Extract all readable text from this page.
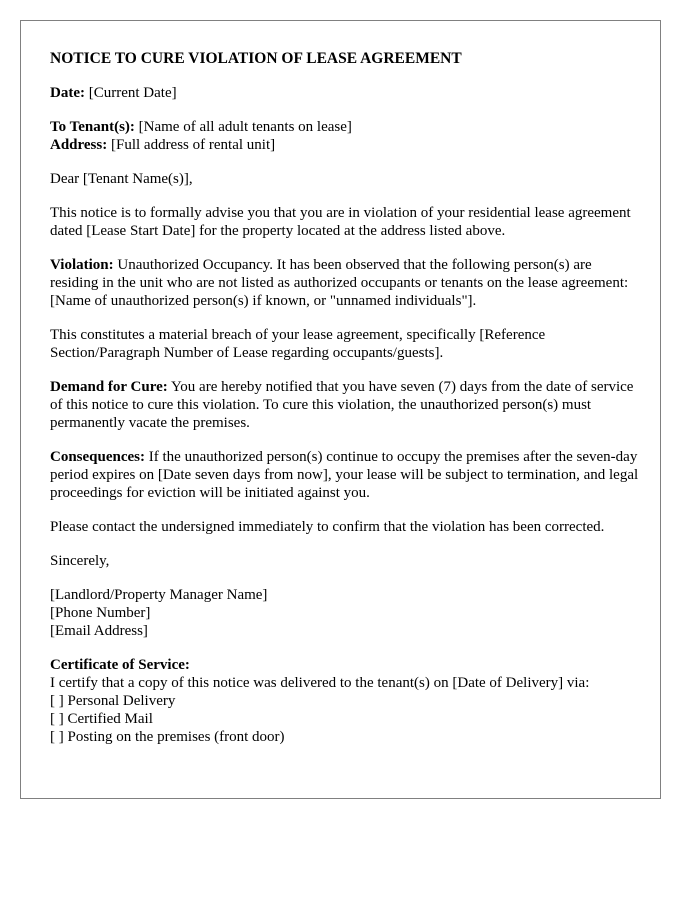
NOTICE TO CURE VIOLATION OF LEASE AGREEMENT

Date: [Current Date]

To Tenant(s): [Name of all adult tenants on lease]
Address: [Full address of rental unit]

Dear [Tenant Name(s)],

This notice is to formally advise you that you are in violation of your residential lease agreement dated [Lease Start Date] for the property located at the address listed above.

Violation: Unauthorized Occupancy. It has been observed that the following person(s) are residing in the unit who are not listed as authorized occupants or tenants on the lease agreement: [Name of unauthorized person(s) if known, or "unnamed individuals"].

This constitutes a material breach of your lease agreement, specifically [Reference Section/Paragraph Number of Lease regarding occupants/guests].

Demand for Cure: You are hereby notified that you have seven (7) days from the date of service of this notice to cure this violation. To cure this violation, the unauthorized person(s) must permanently vacate the premises.

Consequences: If the unauthorized person(s) continue to occupy the premises after the seven-day period expires on [Date seven days from now], your lease will be subject to termination, and legal proceedings for eviction will be initiated against you.

Please contact the undersigned immediately to confirm that the violation has been corrected.

Sincerely,

[Landlord/Property Manager Name]
[Phone Number]
[Email Address]

Certificate of Service:
I certify that a copy of this notice was delivered to the tenant(s) on [Date of Delivery] via:
[ ] Personal Delivery
[ ] Certified Mail
[ ] Posting on the premises (front door)
